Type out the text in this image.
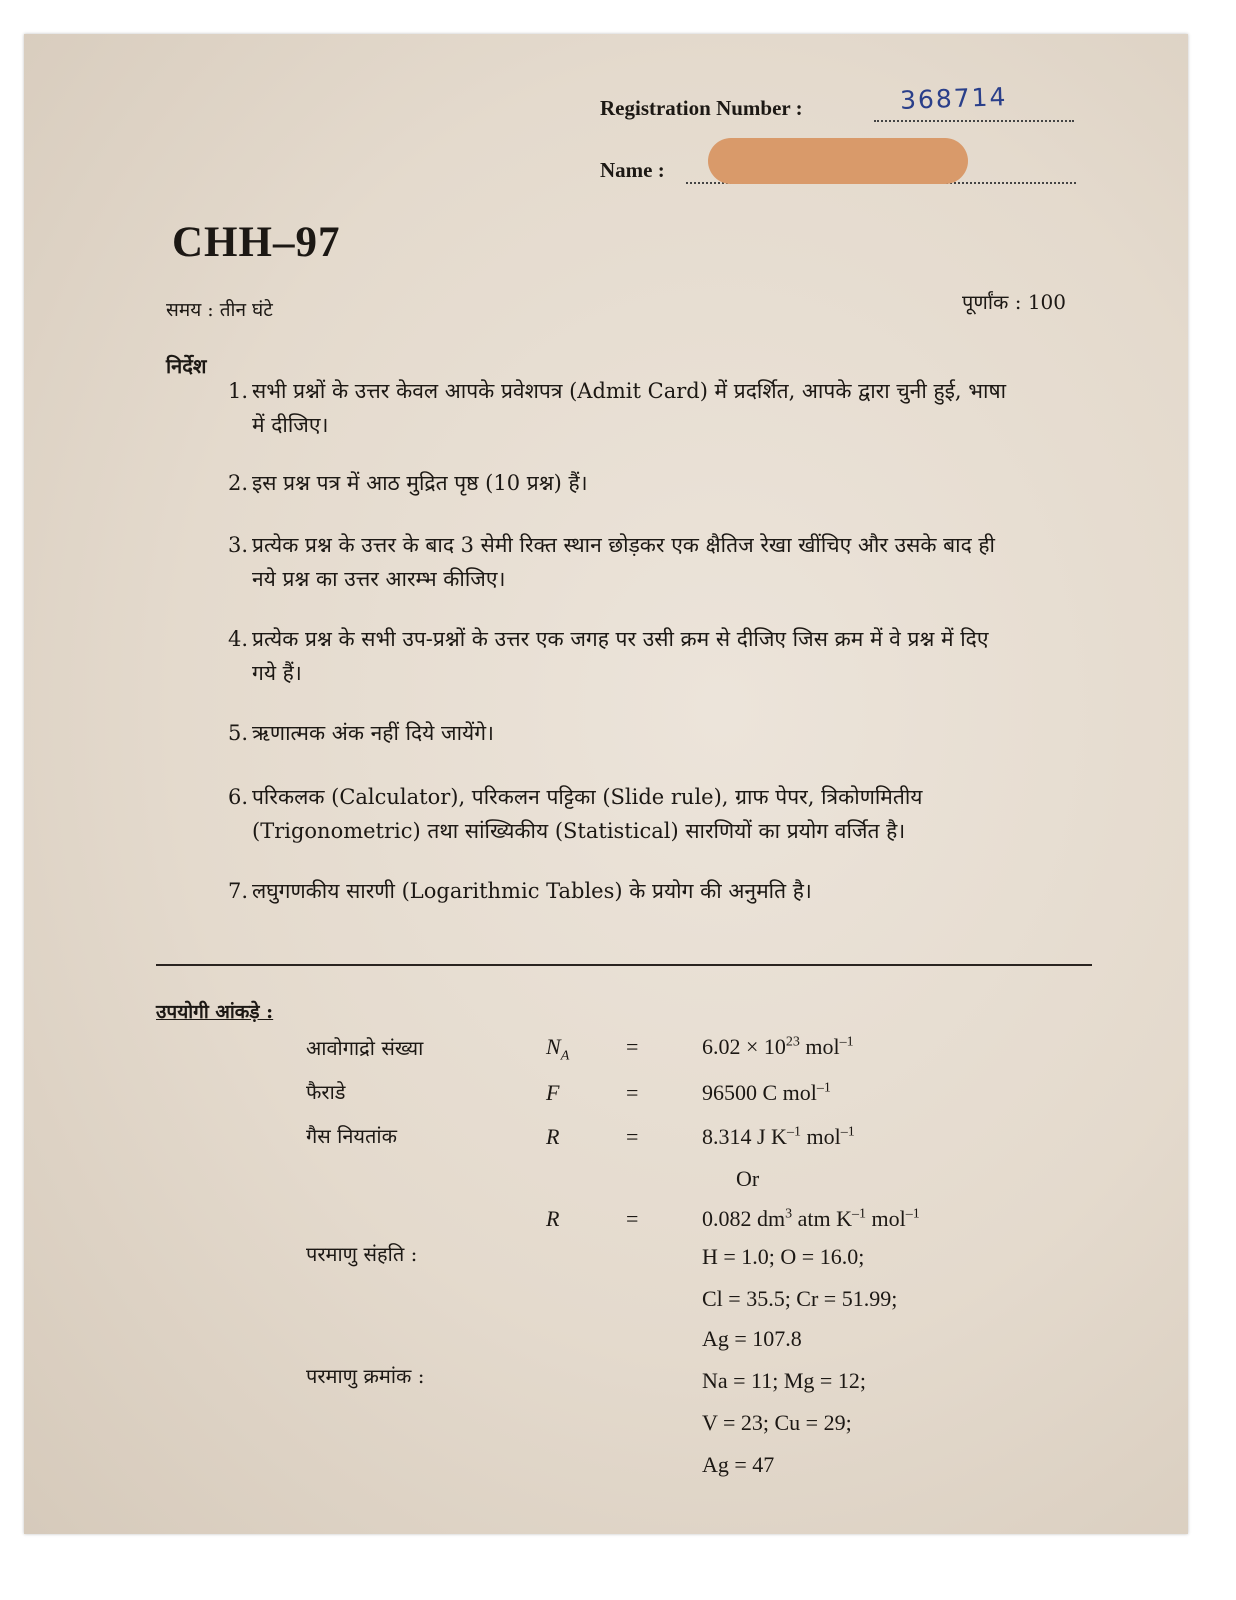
Registration Number :	368714
Name :
CHH–97
समय : तीन घंटे	पूर्णांक : 100
निर्देश
1. सभी प्रश्नों के उत्तर केवल आपके प्रवेशपत्र (Admit Card) में प्रदर्शित, आपके द्वारा चुनी हुई, भाषा
में दीजिए।
2. इस प्रश्न पत्र में आठ मुद्रित पृष्ठ (10 प्रश्न) हैं।
3. प्रत्येक प्रश्न के उत्तर के बाद 3 सेमी रिक्त स्थान छोड़कर एक क्षैतिज रेखा खींचिए और उसके बाद ही
नये प्रश्न का उत्तर आरम्भ कीजिए।
4. प्रत्येक प्रश्न के सभी उप-प्रश्नों के उत्तर एक जगह पर उसी क्रम से दीजिए जिस क्रम में वे प्रश्न में दिए
गये हैं।
5. ऋणात्मक अंक नहीं दिये जायेंगे।
6. परिकलक (Calculator), परिकलन पट्टिका (Slide rule), ग्राफ पेपर, त्रिकोणमितीय
(Trigonometric) तथा सांख्यिकीय (Statistical) सारणियों का प्रयोग वर्जित है।
7. लघुगणकीय सारणी (Logarithmic Tables) के प्रयोग की अनुमति है।
उपयोगी आंकड़े :
आवोगाद्रो संख्या	$N_A$	=	$6.02 \times 10^{23}$ mol$^{-1}$
फैराडे	F	=	96500 C mol$^{-1}$
गैस नियतांक	R	=	8.314 J $K^{-1}$ mol$^{-1}$
Or
R	=	0.082 $dm^3$ atm $K^{-1}$ mol$^{-1}$
परमाणु संहति :	H = 1.0; O = 16.0;
Cl = 35.5; Cr = 51.99;
Ag = 107.8
परमाणु क्रमांक :	Na = 11; Mg = 12;
V = 23; Cu = 29;
Ag = 47
